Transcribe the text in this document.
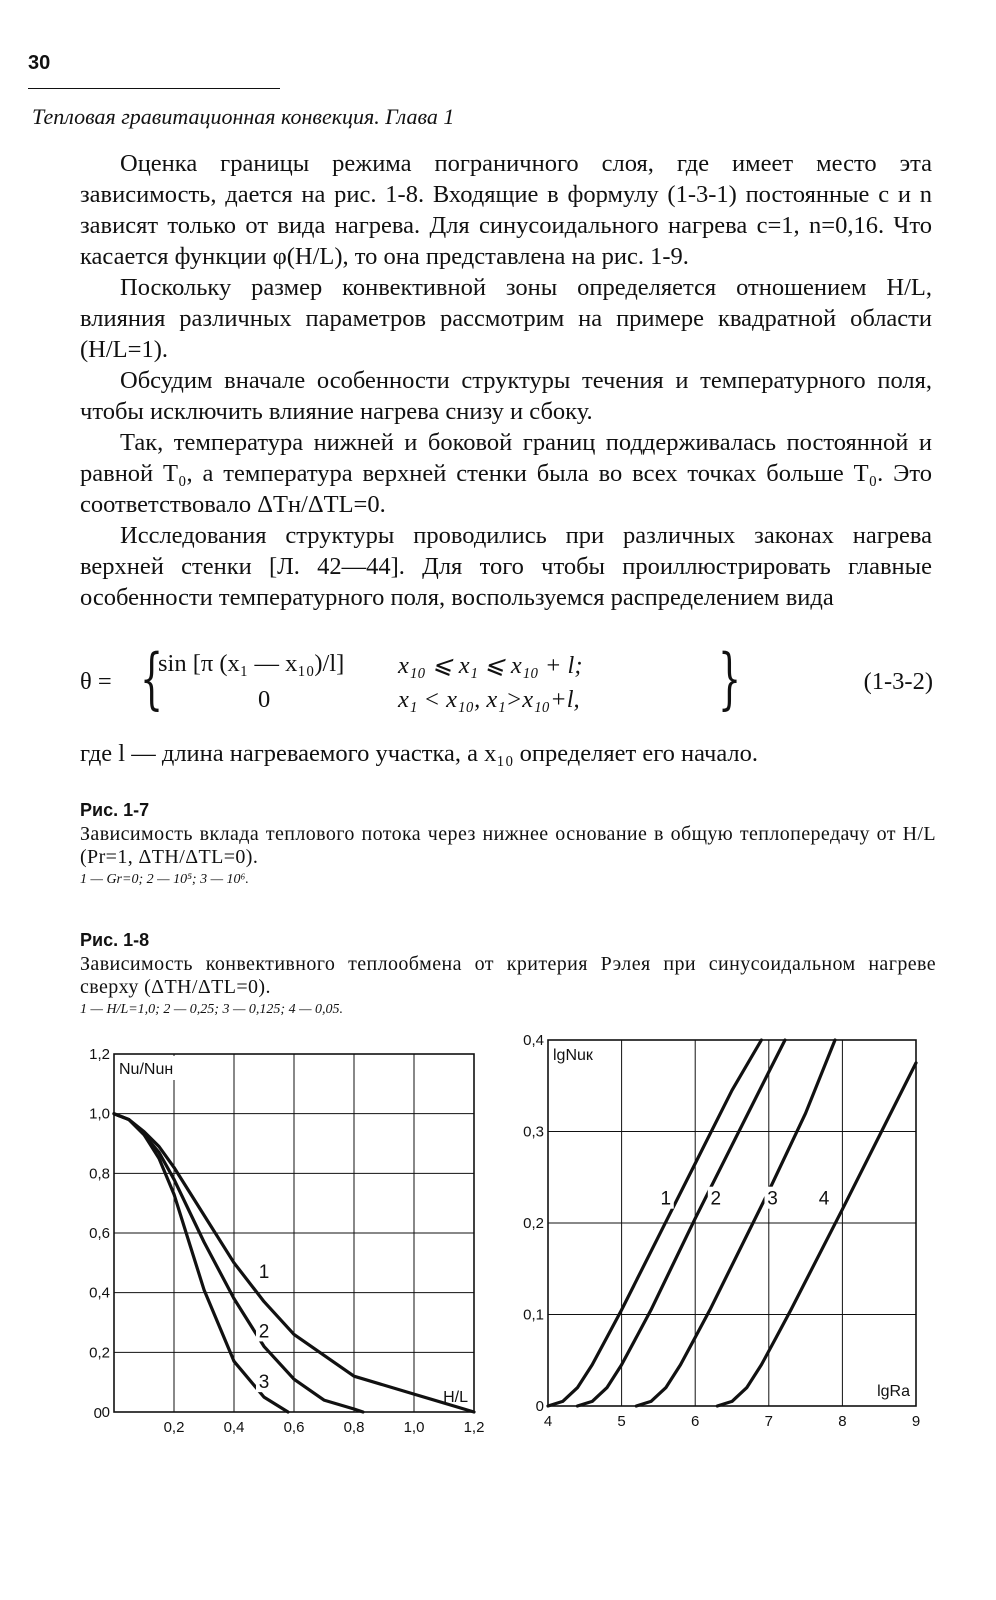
30
Тепловая гравитационная конвекция. Глава 1

Оценка границы режима пограничного слоя, где имеет место эта зависимость, дается на рис. 1-8. Входящие в формулу (1-3-1) постоянные c и n зависят только от вида нагрева. Для синусоидального нагрева c=1, n=0,16. Что касается функции φ(H/L), то она представлена на рис. 1-9.

Поскольку размер конвективной зоны определяется отношением H/L, влияния различных параметров рассмотрим на примере квадратной области (H/L=1).

Обсудим вначале особенности структуры течения и температурного поля, чтобы исключить влияние нагрева снизу и сбоку.

Так, температура нижней и боковой границ поддерживалась постоянной и равной T₀, а температура верхней стенки была во всех точках больше T₀. Это соответствовало ΔTн/ΔTL=0.

Исследования структуры проводились при различных законах нагрева верхней стенки [Л. 42—44]. Для того чтобы проиллюстрировать главные особенности температурного поля, воспользуемся распределением вида

θ = {
sin [π (x₁ — x₁₀)/l] x₁₀ ⩽ x₁ ⩽ x₁₀ + l;
0	x₁ < x₁₀, x₁>x₁₀+l, }	(1-3-2)

где l — длина нагреваемого участка, а x₁₀ определяет его начало.

Рис. 1-7
Зависимость вклада теплового потока через нижнее основание в общую теплопередачу от H/L (Pr=1, ΔTH/ΔTL=0).
1 — Gr=0; 2 — 10⁵; 3 — 10⁶.
Рис. 1-8
Зависимость конвективного теплообмена от критерия Рэлея при синусоидальном нагреве сверху (ΔTH/ΔTL=0).
1 — H/L=1,0; 2 — 0,25; 3 — 0,125; 4 — 0,05.
0,2	0,4	0,6	0,8	1,0	1,2
0
0,2
0,4
0,6
0,8
1,0
1,2
0
Nu/Nuн
H/L
1
2
3
4	5	6	7	8	9
0
0,1
0,2
0,3
0,4
lgNuк
lgRa
1 2 3 4
